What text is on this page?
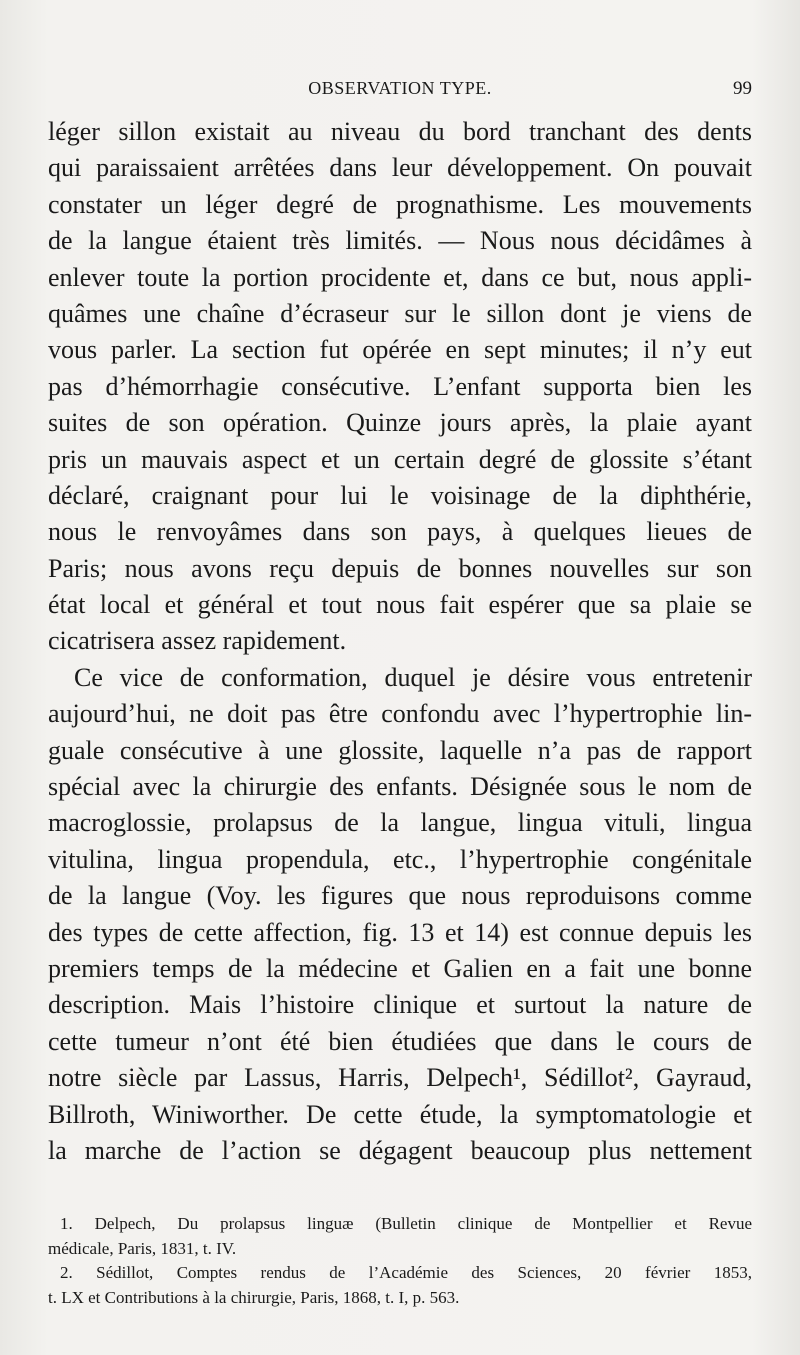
OBSERVATION TYPE.	99
léger sillon existait au niveau du bord tranchant des dents
qui paraissaient arrêtées dans leur développement. On pouvait
constater un léger degré de prognathisme. Les mouvements
de la langue étaient très limités. — Nous nous décidâmes à
enlever toute la portion procidente et, dans ce but, nous appli-
quâmes une chaîne d’écraseur sur le sillon dont je viens de
vous parler. La section fut opérée en sept minutes; il n’y eut
pas d’hémorrhagie consécutive. L’enfant supporta bien les
suites de son opération. Quinze jours après, la plaie ayant
pris un mauvais aspect et un certain degré de glossite s’étant
déclaré, craignant pour lui le voisinage de la diphthérie,
nous le renvoyâmes dans son pays, à quelques lieues de
Paris; nous avons reçu depuis de bonnes nouvelles sur son
état local et général et tout nous fait espérer que sa plaie se
cicatrisera assez rapidement.
Ce vice de conformation, duquel je désire vous entretenir
aujourd’hui, ne doit pas être confondu avec l’hypertrophie lin-
guale consécutive à une glossite, laquelle n’a pas de rapport
spécial avec la chirurgie des enfants. Désignée sous le nom de
macroglossie, prolapsus de la langue, lingua vituli, lingua
vitulina, lingua propendula, etc., l’hypertrophie congénitale
de la langue (Voy. les figures que nous reproduisons comme
des types de cette affection, fig. 13 et 14) est connue depuis les
premiers temps de la médecine et Galien en a fait une bonne
description. Mais l’histoire clinique et surtout la nature de
cette tumeur n’ont été bien étudiées que dans le cours de
notre siècle par Lassus, Harris, Delpech¹, Sédillot², Gayraud,
Billroth, Winiworther. De cette étude, la symptomatologie et
la marche de l’action se dégagent beaucoup plus nettement
1. Delpech, Du prolapsus linguæ (Bulletin clinique de Montpellier et Revue
médicale, Paris, 1831, t. IV.
2. Sédillot, Comptes rendus de l’Académie des Sciences, 20 février 1853,
t. LX et Contributions à la chirurgie, Paris, 1868, t. I, p. 563.
